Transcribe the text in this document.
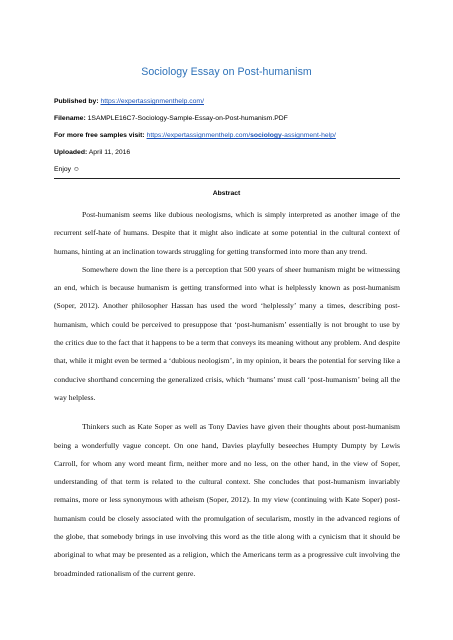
Sociology Essay on Post-humanism
Published by: https://expertassignmenthelp.com/
Filename: 1SAMPLE16C7-Sociology-Sample-Essay-on-Post-humanism.PDF
For more free samples visit: https://expertassignmenthelp.com/sociology-assignment-help/
Uploaded: April 11, 2016
Enjoy ☺
Abstract

Post-humanism seems like dubious neologisms, which is simply interpreted as another image of the recurrent self-hate of humans. Despite that it might also indicate at some potential in the cultural context of humans, hinting at an inclination towards struggling for getting transformed into more than any trend.

Somewhere down the line there is a perception that 500 years of sheer humanism might be witnessing an end, which is because humanism is getting transformed into what is helplessly known as post-humanism (Soper, 2012). Another philosopher Hassan has used the word ‘helplessly’ many a times, describing post-humanism, which could be perceived to presuppose that ‘post-humanism’ essentially is not brought to use by the critics due to the fact that it happens to be a term that conveys its meaning without any problem. And despite that, while it might even be termed a ‘dubious neologism’, in my opinion, it bears the potential for serving like a conducive shorthand concerning the generalized crisis, which ‘humans’ must call ‘post-humanism’ being all the way helpless.

Thinkers such as Kate Soper as well as Tony Davies have given their thoughts about post-humanism being a wonderfully vague concept. On one hand, Davies playfully beseeches Humpty Dumpty by Lewis Carroll, for whom any word meant firm, neither more and no less, on the other hand, in the view of Soper, understanding of that term is related to the cultural context. She concludes that post-humanism invariably remains, more or less synonymous with atheism (Soper, 2012). In my view (continuing with Kate Soper) post-humanism could be closely associated with the promulgation of secularism, mostly in the advanced regions of the globe, that somebody brings in use involving this word as the title along with a cynicism that it should be aboriginal to what may be presented as a religion, which the Americans term as a progressive cult involving the broadminded rationalism of the current genre.
